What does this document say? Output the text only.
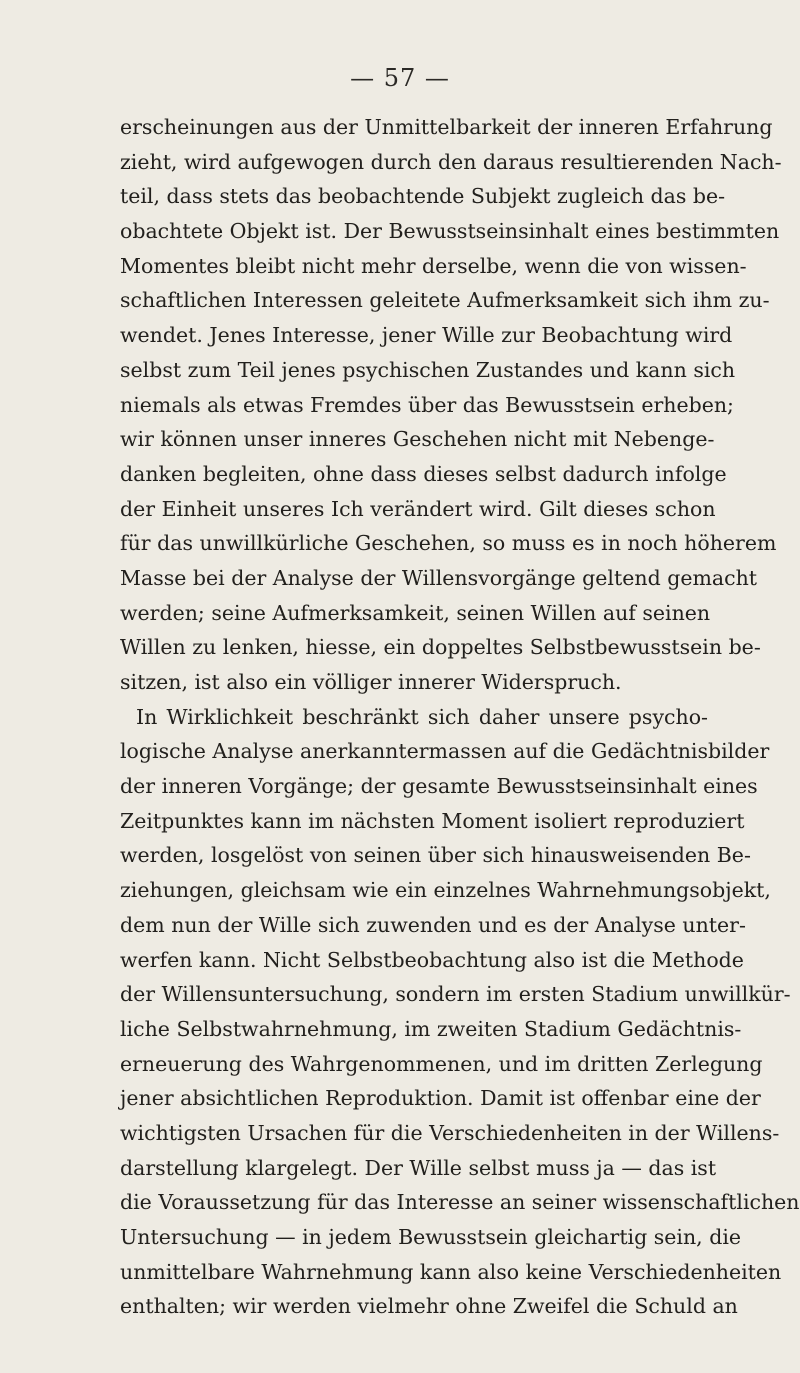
— 57 —
erscheinungen aus der Unmittelbarkeit der inneren Erfahrung
zieht, wird aufgewogen durch den daraus resultierenden Nach-
teil, dass stets das beobachtende Subjekt zugleich das be-
obachtete Objekt ist. Der Bewusstseinsinhalt eines bestimmten
Momentes bleibt nicht mehr derselbe, wenn die von wissen-
schaftlichen Interessen geleitete Aufmerksamkeit sich ihm zu-
wendet. Jenes Interesse, jener Wille zur Beobachtung wird
selbst zum Teil jenes psychischen Zustandes und kann sich
niemals als etwas Fremdes über das Bewusstsein erheben;
wir können unser inneres Geschehen nicht mit Nebenge-
danken begleiten, ohne dass dieses selbst dadurch infolge
der Einheit unseres Ich verändert wird. Gilt dieses schon
für das unwillkürliche Geschehen, so muss es in noch höherem
Masse bei der Analyse der Willensvorgänge geltend gemacht
werden; seine Aufmerksamkeit, seinen Willen auf seinen
Willen zu lenken, hiesse, ein doppeltes Selbstbewusstsein be-
sitzen, ist also ein völliger innerer Widerspruch.
In Wirklichkeit beschränkt sich daher unsere psycho-
logische Analyse anerkanntermassen auf die Gedächtnisbilder
der inneren Vorgänge; der gesamte Bewusstseinsinhalt eines
Zeitpunktes kann im nächsten Moment isoliert reproduziert
werden, losgelöst von seinen über sich hinausweisenden Be-
ziehungen, gleichsam wie ein einzelnes Wahrnehmungsobjekt,
dem nun der Wille sich zuwenden und es der Analyse unter-
werfen kann. Nicht Selbstbeobachtung also ist die Methode
der Willensuntersuchung, sondern im ersten Stadium unwillkür-
liche Selbstwahrnehmung, im zweiten Stadium Gedächtnis-
erneuerung des Wahrgenommenen, und im dritten Zerlegung
jener absichtlichen Reproduktion. Damit ist offenbar eine der
wichtigsten Ursachen für die Verschiedenheiten in der Willens-
darstellung klargelegt. Der Wille selbst muss ja — das ist
die Voraussetzung für das Interesse an seiner wissenschaftlichen
Untersuchung — in jedem Bewusstsein gleichartig sein, die
unmittelbare Wahrnehmung kann also keine Verschiedenheiten
enthalten; wir werden vielmehr ohne Zweifel die Schuld an
